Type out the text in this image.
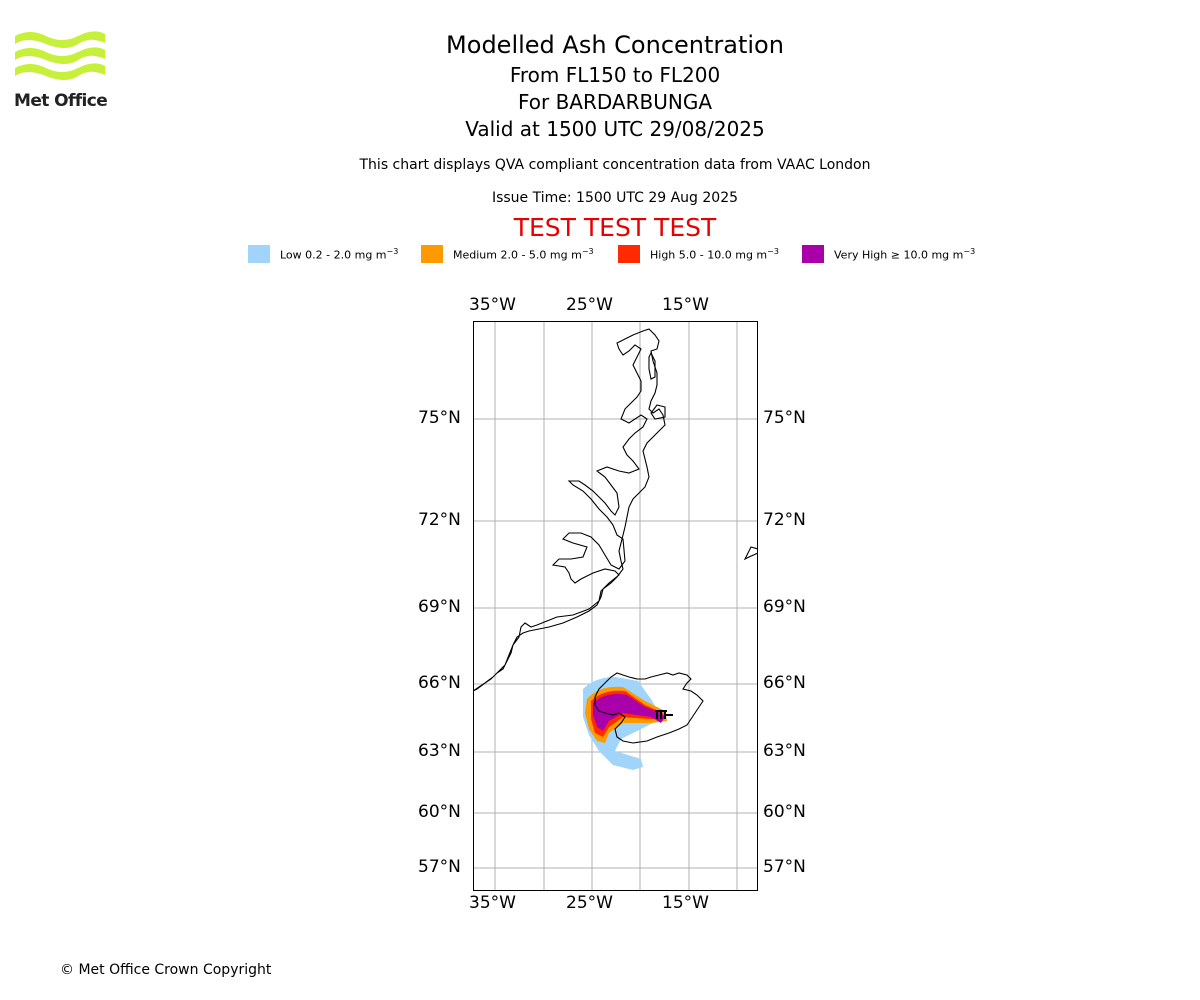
Met Office
Modelled Ash Concentration
From FL150 to FL200
For BARDARBUNGA
Valid at 1500 UTC 29/08/2025
This chart displays QVA compliant concentration data from VAAC London
Issue Time: 1500 UTC 29 Aug 2025
TEST TEST TEST
Low 0.2 - 2.0 mg $m^{-3}$	Medium 2.0 - 5.0 mg $m^{-3}$	High 5.0 - 10.0 mg $m^{-3}$	Very High ≥ 10.0 mg $m^{-3}$
35°W	25°W	15°W
35°W	25°W	15°W
75°N
72°N
69°N
66°N
63°N
60°N
57°N
75°N
72°N
69°N
66°N
63°N
60°N
57°N
© Met Office Crown Copyright
